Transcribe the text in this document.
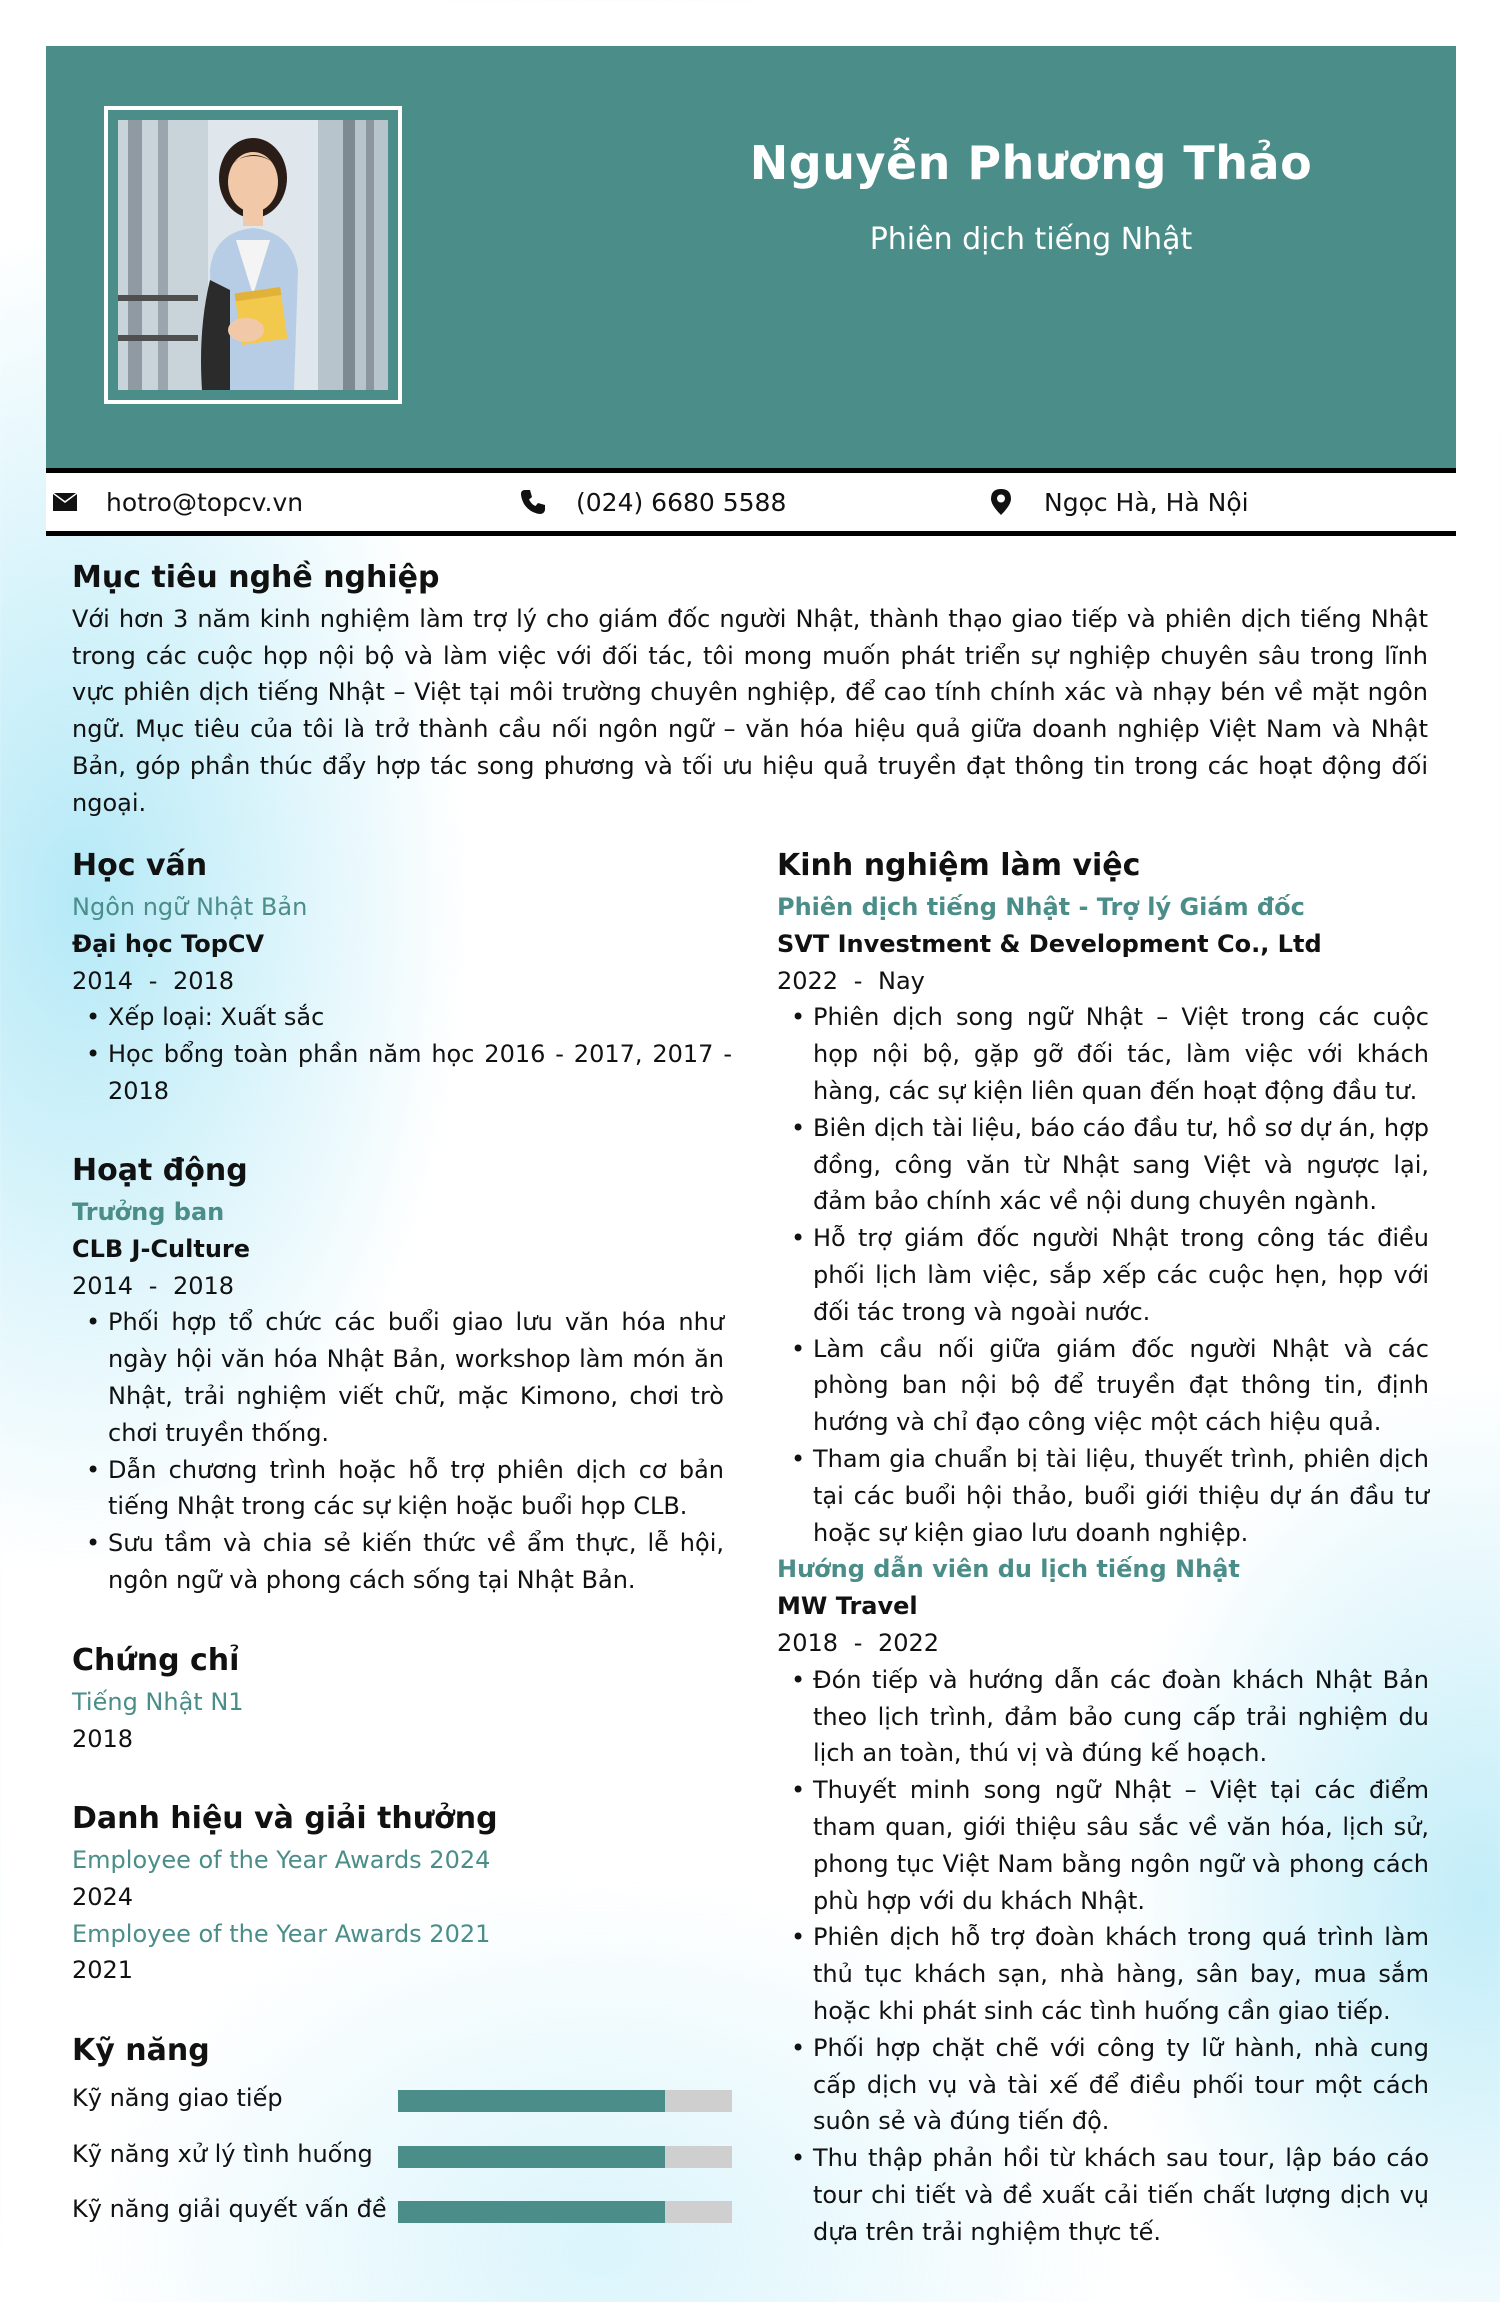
Nguyễn Phương Thảo
Phiên dịch tiếng Nhật
hotro@topcv.vn	(024) 6680 5588	Ngọc Hà, Hà Nội
Mục tiêu nghề nghiệp
Với hơn 3 năm kinh nghiệm làm trợ lý cho giám đốc người Nhật, thành thạo giao tiếp và phiên dịch tiếng Nhật trong các cuộc họp nội bộ và làm việc với đối tác, tôi mong muốn phát triển sự nghiệp chuyên sâu trong lĩnh vực phiên dịch tiếng Nhật – Việt tại môi trường chuyên nghiệp, để cao tính chính xác và nhạy bén về mặt ngôn ngữ. Mục tiêu của tôi là trở thành cầu nối ngôn ngữ – văn hóa hiệu quả giữa doanh nghiệp Việt Nam và Nhật Bản, góp phần thúc đẩy hợp tác song phương và tối ưu hiệu quả truyền đạt thông tin trong các hoạt động đối ngoại.
Học vấn
Ngôn ngữ Nhật Bản
Đại học TopCV
2014 - 2018
• Xếp loại: Xuất sắc
• Học bổng toàn phần năm học 2016 - 2017, 2017 - 2018
Hoạt động
Trưởng ban
CLB J-Culture
2014 - 2018
• Phối hợp tổ chức các buổi giao lưu văn hóa như ngày hội văn hóa Nhật Bản, workshop làm món ăn Nhật, trải nghiệm viết chữ, mặc Kimono, chơi trò chơi truyền thống.
• Dẫn chương trình hoặc hỗ trợ phiên dịch cơ bản tiếng Nhật trong các sự kiện hoặc buổi họp CLB.
• Sưu tầm và chia sẻ kiến thức về ẩm thực, lễ hội, ngôn ngữ và phong cách sống tại Nhật Bản.
Chứng chỉ
Tiếng Nhật N1
2018
Danh hiệu và giải thưởng
Employee of the Year Awards 2024
2024
Employee of the Year Awards 2021
2021
Kỹ năng
Kỹ năng giao tiếp
Kỹ năng xử lý tình huống
Kỹ năng giải quyết vấn đề
Kinh nghiệm làm việc
Phiên dịch tiếng Nhật - Trợ lý Giám đốc
SVT Investment & Development Co., Ltd
2022 - Nay
• Phiên dịch song ngữ Nhật – Việt trong các cuộc họp nội bộ, gặp gỡ đối tác, làm việc với khách hàng, các sự kiện liên quan đến hoạt động đầu tư.
• Biên dịch tài liệu, báo cáo đầu tư, hồ sơ dự án, hợp đồng, công văn từ Nhật sang Việt và ngược lại, đảm bảo chính xác về nội dung chuyên ngành.
• Hỗ trợ giám đốc người Nhật trong công tác điều phối lịch làm việc, sắp xếp các cuộc hẹn, họp với đối tác trong và ngoài nước.
• Làm cầu nối giữa giám đốc người Nhật và các phòng ban nội bộ để truyền đạt thông tin, định hướng và chỉ đạo công việc một cách hiệu quả.
• Tham gia chuẩn bị tài liệu, thuyết trình, phiên dịch tại các buổi hội thảo, buổi giới thiệu dự án đầu tư hoặc sự kiện giao lưu doanh nghiệp.
Hướng dẫn viên du lịch tiếng Nhật
MW Travel
2018 - 2022
• Đón tiếp và hướng dẫn các đoàn khách Nhật Bản theo lịch trình, đảm bảo cung cấp trải nghiệm du lịch an toàn, thú vị và đúng kế hoạch.
• Thuyết minh song ngữ Nhật – Việt tại các điểm tham quan, giới thiệu sâu sắc về văn hóa, lịch sử, phong tục Việt Nam bằng ngôn ngữ và phong cách phù hợp với du khách Nhật.
• Phiên dịch hỗ trợ đoàn khách trong quá trình làm thủ tục khách sạn, nhà hàng, sân bay, mua sắm hoặc khi phát sinh các tình huống cần giao tiếp.
• Phối hợp chặt chẽ với công ty lữ hành, nhà cung cấp dịch vụ và tài xế để điều phối tour một cách suôn sẻ và đúng tiến độ.
• Thu thập phản hồi từ khách sau tour, lập báo cáo tour chi tiết và đề xuất cải tiến chất lượng dịch vụ dựa trên trải nghiệm thực tế.
